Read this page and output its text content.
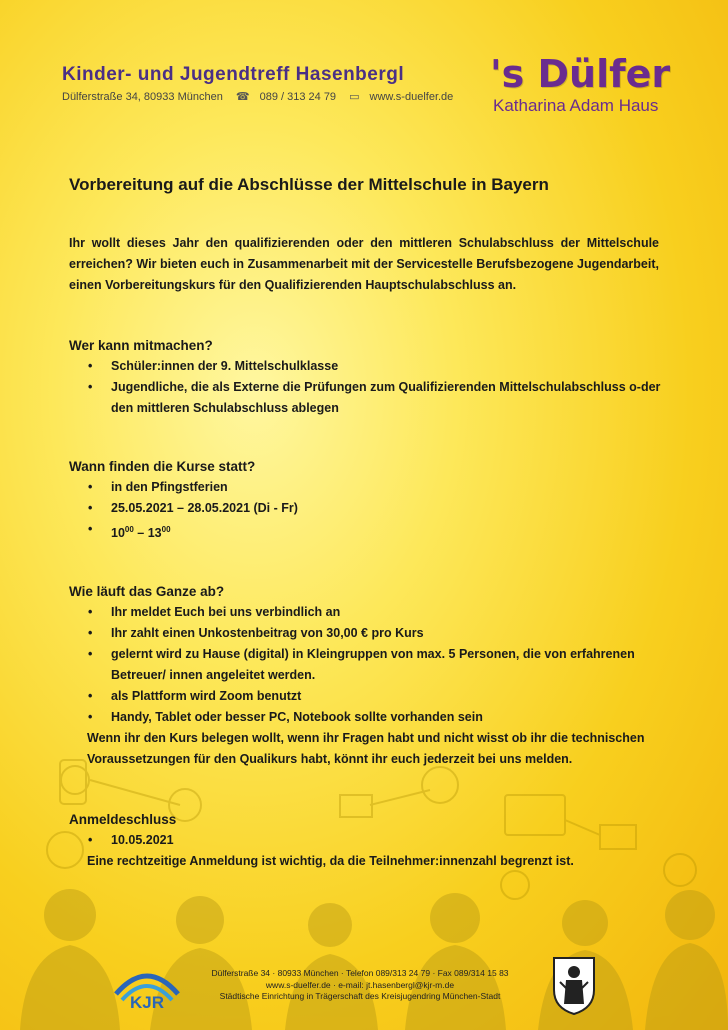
Kinder- und Jugendtreff Hasenbergl
Dülferstraße 34, 80933 München ☎ 089 / 313 24 79 ▭ www.s-duelfer.de
's Dülfer
Katharina Adam Haus
Vorbereitung auf die Abschlüsse der Mittelschule in Bayern
Ihr wollt dieses Jahr den qualifizierenden oder den mittleren Schulabschluss der Mittelschule erreichen? Wir bieten euch in Zusammenarbeit mit der Servicestelle Berufsbezogene Jugendarbeit, einen Vorbereitungskurs für den Qualifizierenden Hauptschulabschluss an.
Wer kann mitmachen?
• Schüler:innen der 9. Mittelschulklasse
• Jugendliche, die als Externe die Prüfungen zum Qualifizierenden Mittelschulabschluss o-der den mittleren Schulabschluss ablegen
Wann finden die Kurse statt?
• in den Pfingstferien
• 25.05.2021 – 28.05.2021 (Di - Fr)
• $10^{00} - 13^{00}$
Wie läuft das Ganze ab?
• Ihr meldet Euch bei uns verbindlich an
• Ihr zahlt einen Unkostenbeitrag von 30,00 € pro Kurs
• gelernt wird zu Hause (digital) in Kleingruppen von max. 5 Personen, die von erfahrenen Betreuer/ innen angeleitet werden.
• als Plattform wird Zoom benutzt
• Handy, Tablet oder besser PC, Notebook sollte vorhanden sein
Wenn ihr den Kurs belegen wollt, wenn ihr Fragen habt und nicht wisst ob ihr die technischen Voraussetzungen für den Qualikurs habt, könnt ihr euch jederzeit bei uns melden.
Anmeldeschluss
• 10.05.2021
Eine rechtzeitige Anmeldung ist wichtig, da die Teilnehmer:innenzahl begrenzt ist.
KJR
Dülferstraße 34 · 80933 München · Telefon 089/313 24 79 · Fax 089/314 15 83
www.s-duelfer.de · e-mail: jt.hasenbergl@kjr-m.de
Städtische Einrichtung in Trägerschaft des Kreisjugendring München-Stadt
